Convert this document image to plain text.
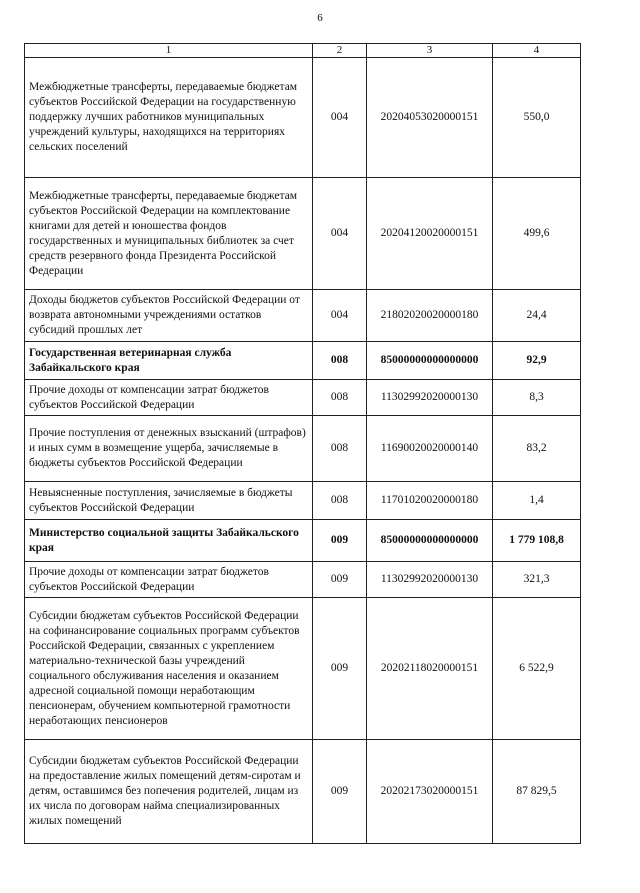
6
1	2	3	4
Межбюджетные трансферты, передаваемые бюджетам субъектов Российской Федерации на государственную поддержку лучших работников муниципальных учреждений культуры, находящихся на территориях сельских поселений	004	20204053020000151	550,0
Межбюджетные трансферты, передаваемые бюджетам субъектов Российской Федерации на комплектование книгами для детей и юношества фондов государственных и муниципальных библиотек за счет средств резервного фонда Президента Российской Федерации	004	20204120020000151	499,6
Доходы бюджетов субъектов Российской Федерации от возврата автономными учреждениями остатков субсидий прошлых лет	004	21802020020000180	24,4
Государственная ветеринарная служба Забайкальского края	008	85000000000000000	92,9
Прочие доходы от компенсации затрат бюджетов субъектов Российской Федерации	008	11302992020000130	8,3
Прочие поступления от денежных взысканий (штрафов) и иных сумм в возмещение ущерба, зачисляемые в бюджеты субъектов Российской Федерации	008	11690020020000140	83,2
Невыясненные поступления, зачисляемые в бюджеты субъектов Российской Федерации	008	11701020020000180	1,4
Министерство социальной защиты Забайкальского края	009	85000000000000000	1 779 108,8
Прочие доходы от компенсации затрат бюджетов субъектов Российской Федерации	009	11302992020000130	321,3
Субсидии бюджетам субъектов Российской Федерации на софинансирование социальных программ субъектов Российской Федерации, связанных с укреплением материально-технической базы учреждений социального обслуживания населения и оказанием адресной социальной помощи неработающим пенсионерам, обучением компьютерной грамотности неработающих пенсионеров	009	20202118020000151	6 522,9
Субсидии бюджетам субъектов Российской Федерации на предоставление жилых помещений детям-сиротам и детям, оставшимся без попечения родителей, лицам из их числа по договорам найма специализированных жилых помещений	009	20202173020000151	87 829,5
